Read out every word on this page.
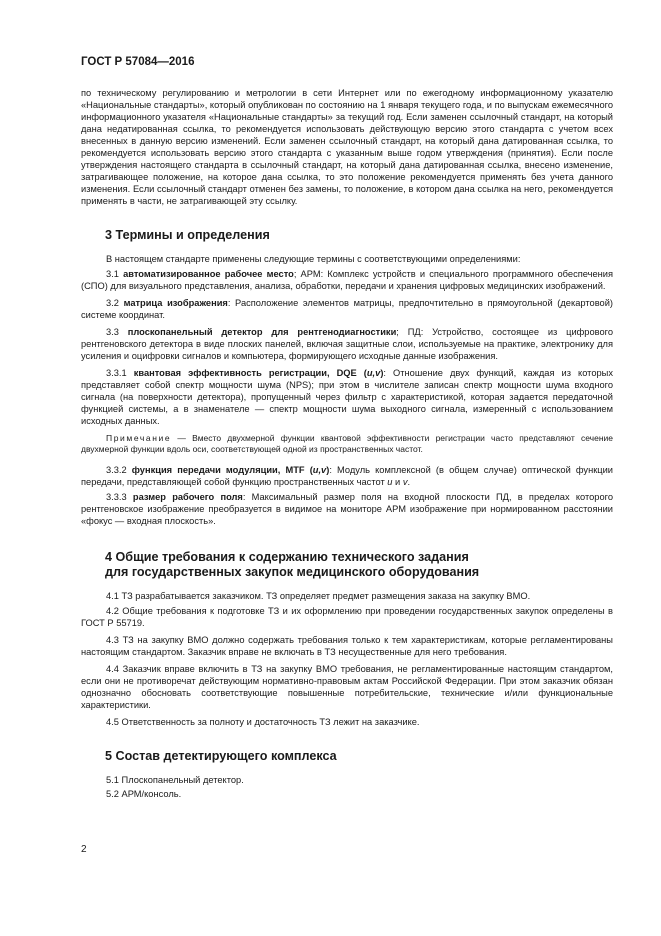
ГОСТ Р 57084—2016

по техническому регулированию и метрологии в сети Интернет или по ежегодному информационному указателю «Национальные стандарты», который опубликован по состоянию на 1 января текущего года, и по выпускам ежемесячного информационного указателя «Национальные стандарты» за текущий год. Если заменен ссылочный стандарт, на который дана недатированная ссылка, то рекомендуется использовать действующую версию этого стандарта с учетом всех внесенных в данную версию изменений. Если заменен ссылочный стандарт, на который дана датированная ссылка, то рекомендуется использовать версию этого стандарта с указанным выше годом утверждения (принятия). Если после утверждения настоящего стандарта в ссылочный стандарт, на который дана датированная ссылка, внесено изменение, затрагивающее положение, на которое дана ссылка, то это положение рекомендуется применять без учета данного изменения. Если ссылочный стандарт отменен без замены, то положение, в котором дана ссылка на него, рекомендуется применять в части, не затрагивающей эту ссылку.

3 Термины и определения

В настоящем стандарте применены следующие термины с соответствующими определениями:

3.1 автоматизированное рабочее место; АРМ: Комплекс устройств и специального программного обеспечения (СПО) для визуального представления, анализа, обработки, передачи и хранения цифровых медицинских изображений.

3.2 матрица изображения: Расположение элементов матрицы, предпочтительно в прямоугольной (декартовой) системе координат.

3.3 плоскопанельный детектор для рентгенодиагностики; ПД: Устройство, состоящее из цифрового рентгеновского детектора в виде плоских панелей, включая защитные слои, используемые на практике, электронику для усиления и оцифровки сигналов и компьютера, формирующего исходные данные изображения.

3.3.1 квантовая эффективность регистрации, DQE (u,v): Отношение двух функций, каждая из которых представляет собой спектр мощности шума (NPS); при этом в числителе записан спектр мощности шума входного сигнала (на поверхности детектора), пропущенный через фильтр с характеристикой, которая задается передаточной функцией системы, а в знаменателе — спектр мощности шума выходного сигнала, измеренный с использованием исходных данных.

Примечание — Вместо двухмерной функции квантовой эффективности регистрации часто представляют сечение двухмерной функции вдоль оси, соответствующей одной из пространственных частот.

3.3.2 функция передачи модуляции, MTF (u,v): Модуль комплексной (в общем случае) оптической функции передачи, представляющей собой функцию пространственных частот u и v.

3.3.3 размер рабочего поля: Максимальный размер поля на входной плоскости ПД, в пределах которого рентгеновское изображение преобразуется в видимое на мониторе АРМ изображение при нормированном расстоянии «фокус — входная плоскость».

4 Общие требования к содержанию технического задания
для государственных закупок медицинского оборудования

4.1 ТЗ разрабатывается заказчиком. ТЗ определяет предмет размещения заказа на закупку ВМО.

4.2 Общие требования к подготовке ТЗ и их оформлению при проведении государственных закупок определены в ГОСТ Р 55719.

4.3 ТЗ на закупку ВМО должно содержать требования только к тем характеристикам, которые регламентированы настоящим стандартом. Заказчик вправе не включать в ТЗ несущественные для него требования.

4.4 Заказчик вправе включить в ТЗ на закупку ВМО требования, не регламентированные настоящим стандартом, если они не противоречат действующим нормативно-правовым актам Российской Федерации. При этом заказчик обязан однозначно обосновать соответствующие повышенные потребительские, технические и/или функциональные характеристики.

4.5 Ответственность за полноту и достаточность ТЗ лежит на заказчике.

5 Состав детектирующего комплекса

5.1 Плоскопанельный детектор.

5.2 АРМ/консоль.

2
